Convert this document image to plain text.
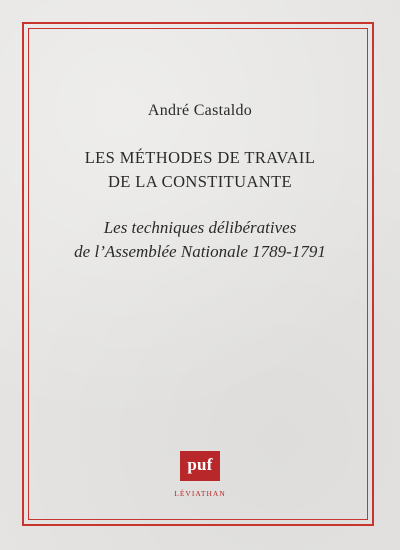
André Castaldo
LES MÉTHODES DE TRAVAIL
DE LA CONSTITUANTE
Les techniques délibératives
de l’Assemblée Nationale 1789-1791
puf
LÉVIATHAN
